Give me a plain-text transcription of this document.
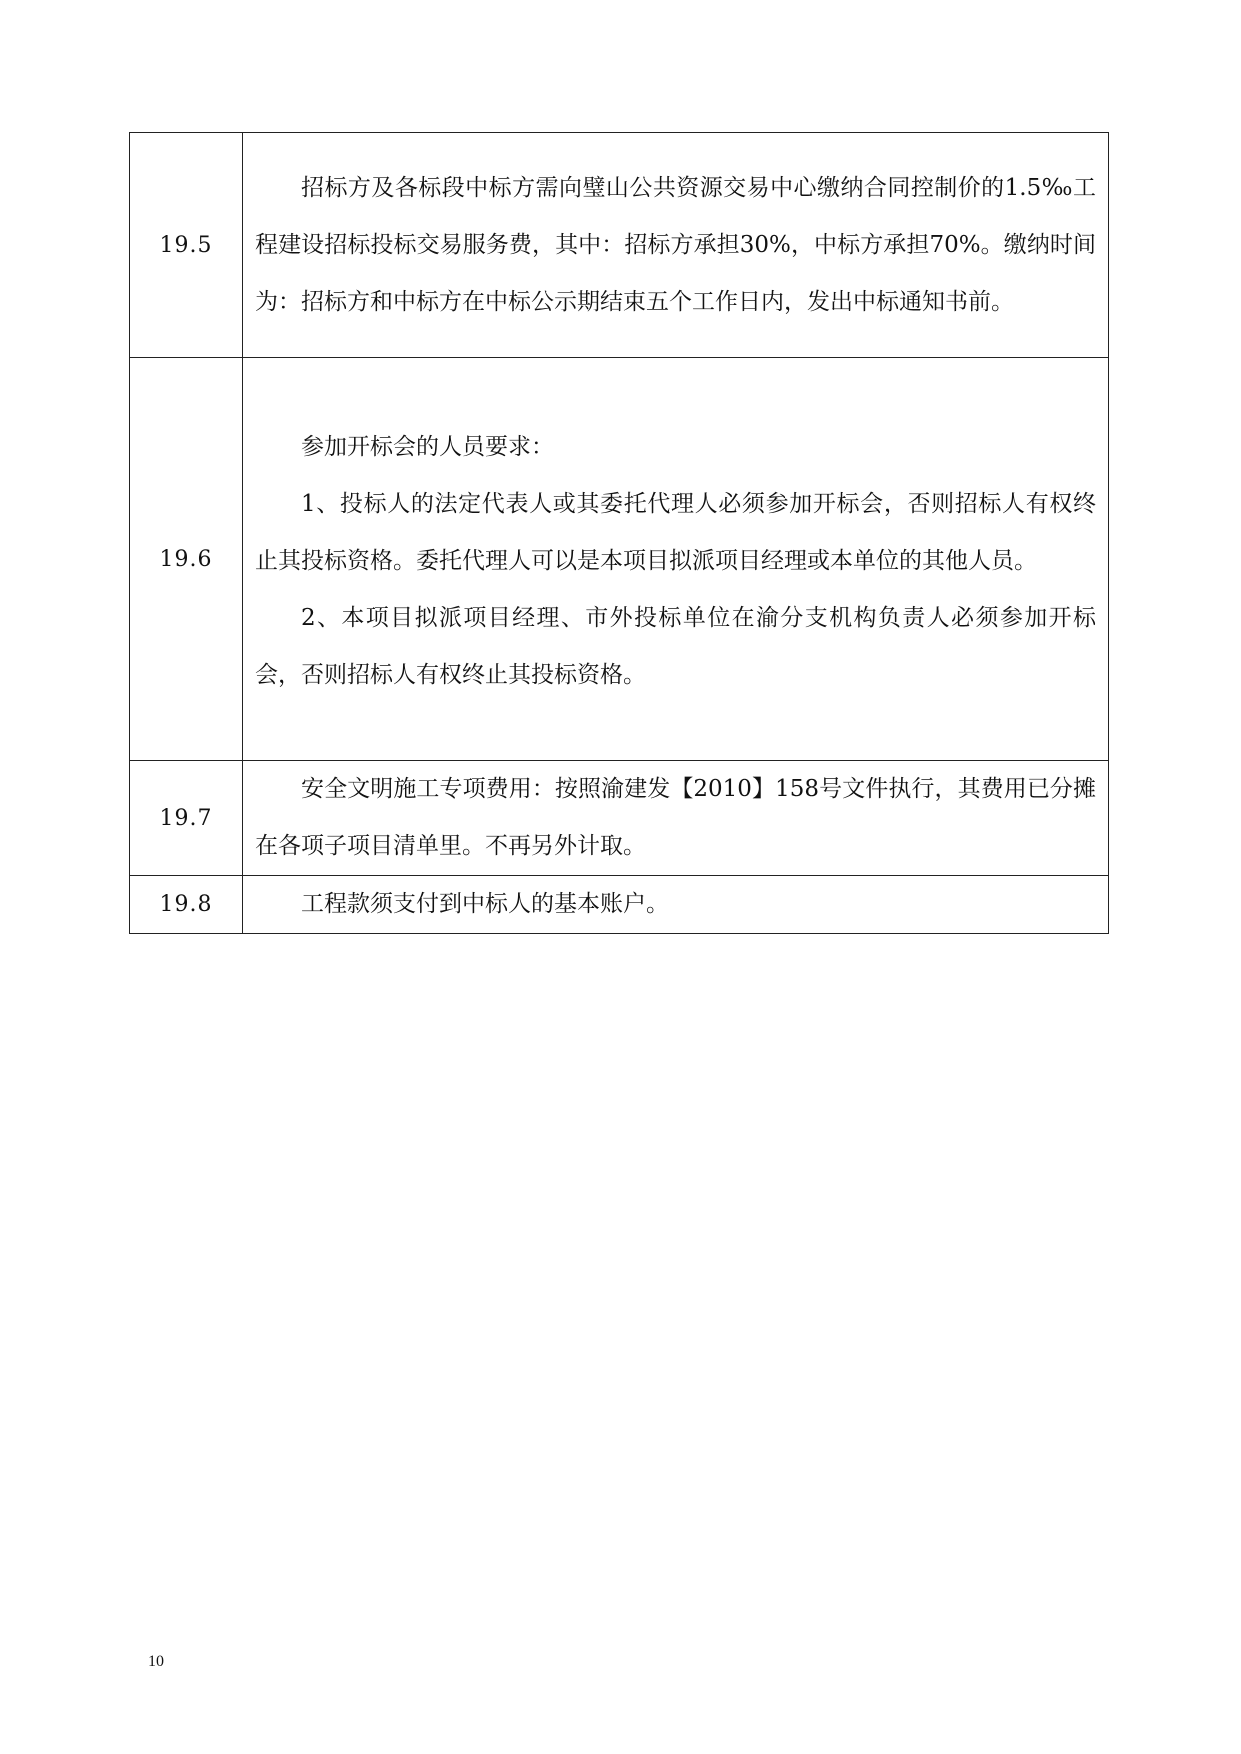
19.5	招标方及各标段中标方需向璧山公共资源交易中心缴纳合同控制价的1.5‰工程建设招标投标交易服务费，其中：招标方承担30%，中标方承担70%。缴纳时间为：招标方和中标方在中标公示期结束五个工作日内，发出中标通知书前。

19.6	参加开标会的人员要求：

1、投标人的法定代表人或其委托代理人必须参加开标会，否则招标人有权终止其投标资格。委托代理人可以是本项目拟派项目经理或本单位的其他人员。

2、本项目拟派项目经理、市外投标单位在渝分支机构负责人必须参加开标会，否则招标人有权终止其投标资格。

19.7	安全文明施工专项费用：按照渝建发【2010】158号文件执行，其费用已分摊在各项子项目清单里。不再另外计取。

19.8	工程款须支付到中标人的基本账户。

10
